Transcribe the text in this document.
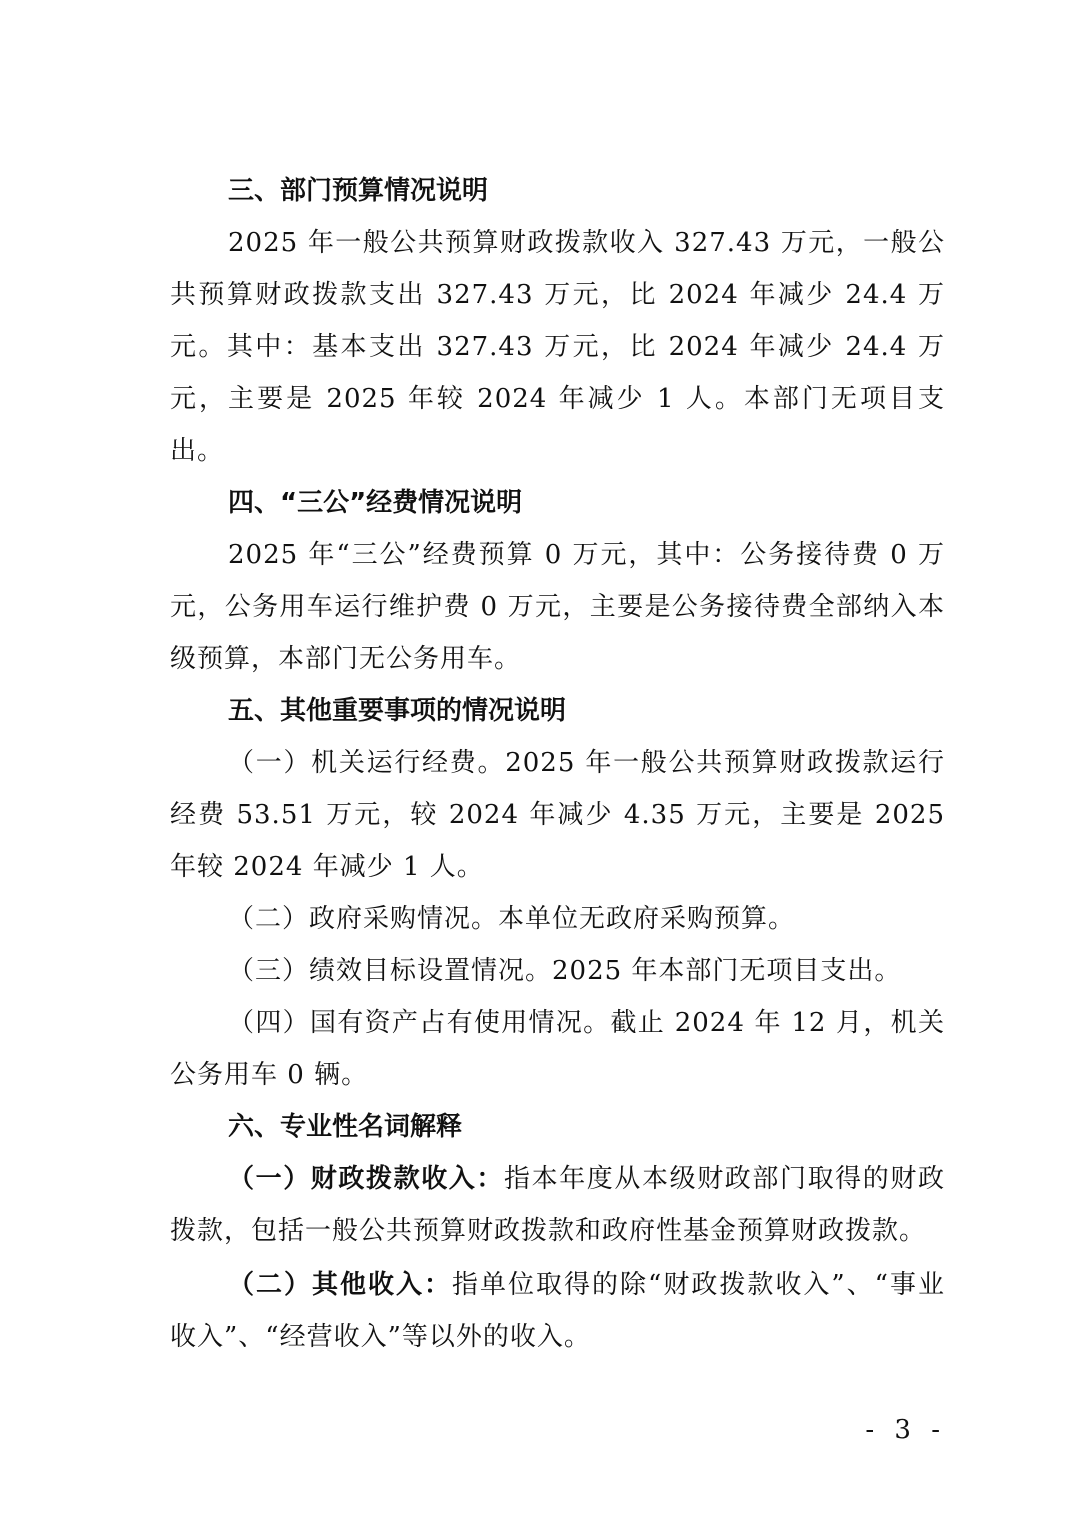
三、部门预算情况说明

2025 年一般公共预算财政拨款收入 327.43 万元，一般公共预算财政拨款支出 327.43 万元，比 2024 年减少 24.4 万元。其中：基本支出 327.43 万元，比 2024 年减少 24.4 万元，主要是 2025 年较 2024 年减少 1 人。本部门无项目支出。

四、“三公”经费情况说明

2025 年“三公”经费预算 0 万元，其中：公务接待费 0 万元，公务用车运行维护费 0 万元，主要是公务接待费全部纳入本级预算，本部门无公务用车。

五、其他重要事项的情况说明

（一）机关运行经费。2025 年一般公共预算财政拨款运行经费 53.51 万元，较 2024 年减少 4.35 万元，主要是 2025 年较 2024 年减少 1 人。

（二）政府采购情况。本单位无政府采购预算。

（三）绩效目标设置情况。2025 年本部门无项目支出。

（四）国有资产占有使用情况。截止 2024 年 12 月，机关公务用车 0 辆。

六、专业性名词解释

（一）财政拨款收入：指本年度从本级财政部门取得的财政拨款，包括一般公共预算财政拨款和政府性基金预算财政拨款。

（二）其他收入：指单位取得的除“财政拨款收入”、“事业收入”、“经营收入”等以外的收入。

- 3 -
